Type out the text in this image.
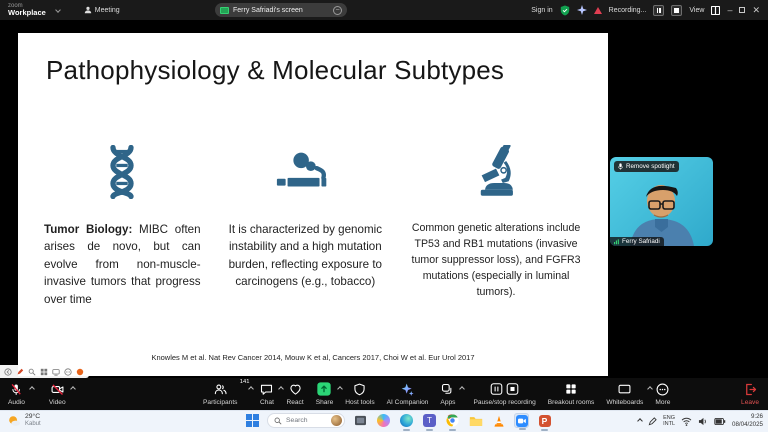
zoom
Workplace	Meeting	Ferry Safriadi's screen	−	Sign in	Recording...	View	– ✕
Pathophysiology & Molecular Subtypes

Tumor Biology: MIBC often arises de novo, but can evolve from non-muscle-invasive tumors that progress over time

It is characterized by genomic instability and a high mutation burden, reflecting exposure to carcinogens (e.g., tobacco)

Common genetic alterations include TP53 and RB1 mutations (invasive tumor suppressor loss), and FGFR3 mutations (especially in luminal tumors).

Knowles M et al. Nat Rev Cancer 2014, Mouw K et al, Cancers 2017, Choi W et al. Eur Urol 2017
Remove spotlight
Ferry Safriadi
Audio	Video
141
Participants	Chat React Share Host tools AI Companion Apps	Pause/stop recording Breakout rooms Whiteboards More	Leave
29°C
Kabut
Search	T	P	ENG
INTL
9:26
08/04/2025
